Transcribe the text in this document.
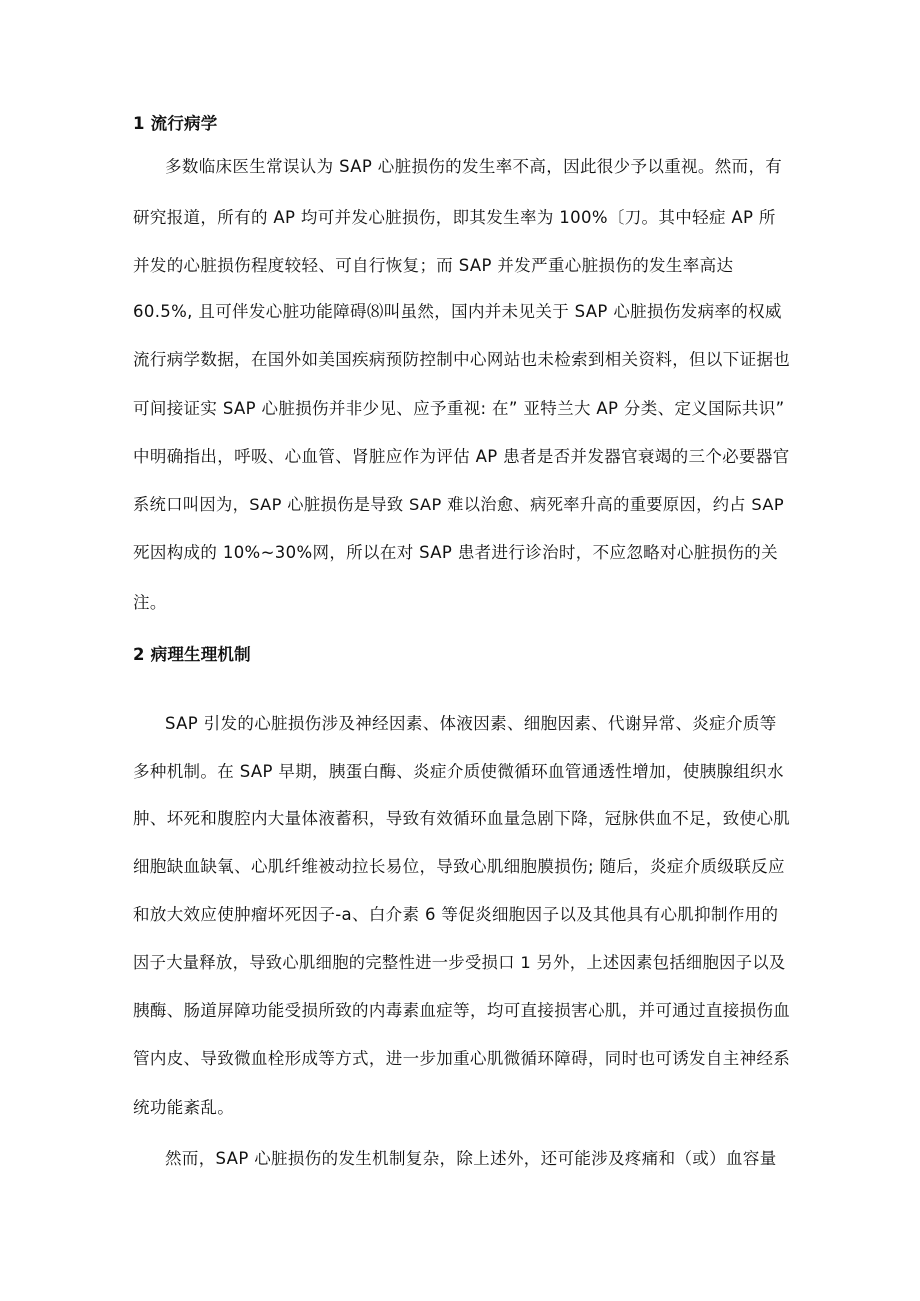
1 流行病学
多数临床医生常误认为 SAP 心脏损伤的发生率不高，因此很少予以重视。然而，有
研究报道，所有的 AP 均可并发心脏损伤，即其发生率为 100%〔刀。其中轻症 AP 所
并发的心脏损伤程度较轻、可自行恢复；而 SAP 并发严重心脏损伤的发生率高达
60.5%, 且可伴发心脏功能障碍⑻叫虽然，国内并未见关于 SAP 心脏损伤发病率的权威
流行病学数据，在国外如美国疾病预防控制中心网站也未检索到相关资料，但以下证据也
可间接证实 SAP 心脏损伤并非少见、应予重视: 在” 亚特兰大 AP 分类、定义国际共识”
中明确指出，呼吸、心血管、肾脏应作为评估 AP 患者是否并发器官衰竭的三个必要器官
系统口叫因为，SAP 心脏损伤是导致 SAP 难以治愈、病死率升高的重要原因，约占 SAP
死因构成的 10%~30%网，所以在对 SAP 患者进行诊治时，不应忽略对心脏损伤的关
注。
2 病理生理机制
SAP 引发的心脏损伤涉及神经因素、体液因素、细胞因素、代谢异常、炎症介质等
多种机制。在 SAP 早期，胰蛋白酶、炎症介质使微循环血管通透性增加，使胰腺组织水
肿、坏死和腹腔内大量体液蓄积，导致有效循环血量急剧下降，冠脉供血不足，致使心肌
细胞缺血缺氧、心肌纤维被动拉长易位，导致心肌细胞膜损伤; 随后，炎症介质级联反应
和放大效应使肿瘤坏死因子-a、白介素 6 等促炎细胞因子以及其他具有心肌抑制作用的
因子大量释放，导致心肌细胞的完整性进一步受损口 1 另外，上述因素包括细胞因子以及
胰酶、肠道屏障功能受损所致的内毒素血症等，均可直接损害心肌，并可通过直接损伤血
管内皮、导致微血栓形成等方式，进一步加重心肌微循环障碍，同时也可诱发自主神经系
统功能紊乱。
然而，SAP 心脏损伤的发生机制复杂，除上述外，还可能涉及疼痛和（或）血容量
